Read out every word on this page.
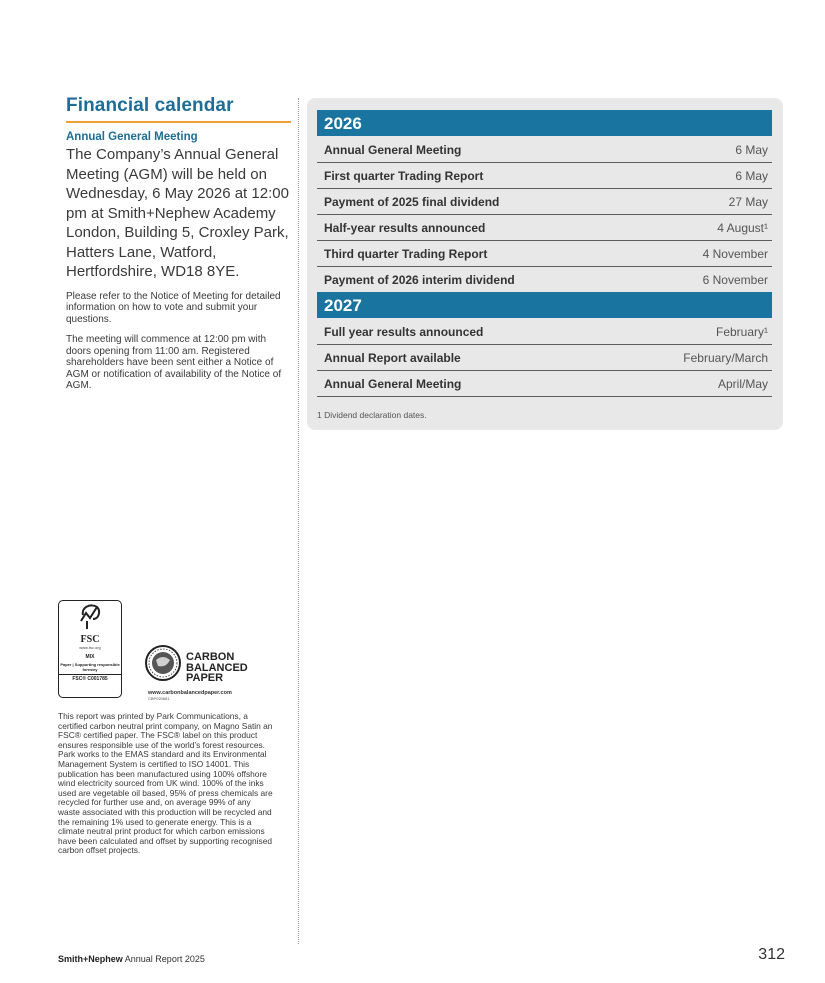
Financial calendar
Annual General Meeting
The Company’s Annual General Meeting (AGM) will be held on Wednesday, 6 May 2026 at 12:00 pm at Smith+Nephew Academy London, Building 5, Croxley Park, Hatters Lane, Watford, Hertfordshire, WD18 8YE.
Please refer to the Notice of Meeting for detailed information on how to vote and submit your questions.
The meeting will commence at 12:00 pm with doors opening from 11:00 am. Registered shareholders have been sent either a Notice of AGM or notification of availability of the Notice of AGM.
2026
Annual General Meeting	6 May
First quarter Trading Report	6 May
Payment of 2025 final dividend	27 May
Half-year results announced	4 August¹
Third quarter Trading Report	4 November
Payment of 2026 interim dividend	6 November
2027
Full year results announced	February¹
Annual Report available	February/March
Annual General Meeting	April/May
1 Dividend declaration dates.
FSC
www.fsc.org
MIX
Paper | Supporting responsible forestry
FSC® C001785
CARBON
BALANCED
PAPER
www.carbonbalancedpaper.com
CBP020881
This report was printed by Park Communications, a certified carbon neutral print company, on Magno Satin an FSC® certified paper. The FSC® label on this product ensures responsible use of the world’s forest resources. Park works to the EMAS standard and its Environmental Management System is certified to ISO 14001. This publication has been manufactured using 100% offshore wind electricity sourced from UK wind. 100% of the inks used are vegetable oil based, 95% of press chemicals are recycled for further use and, on average 99% of any waste associated with this production will be recycled and the remaining 1% used to generate energy. This is a climate neutral print product for which carbon emissions have been calculated and offset by supporting recognised carbon offset projects.
Smith+Nephew Annual Report 2025	312
